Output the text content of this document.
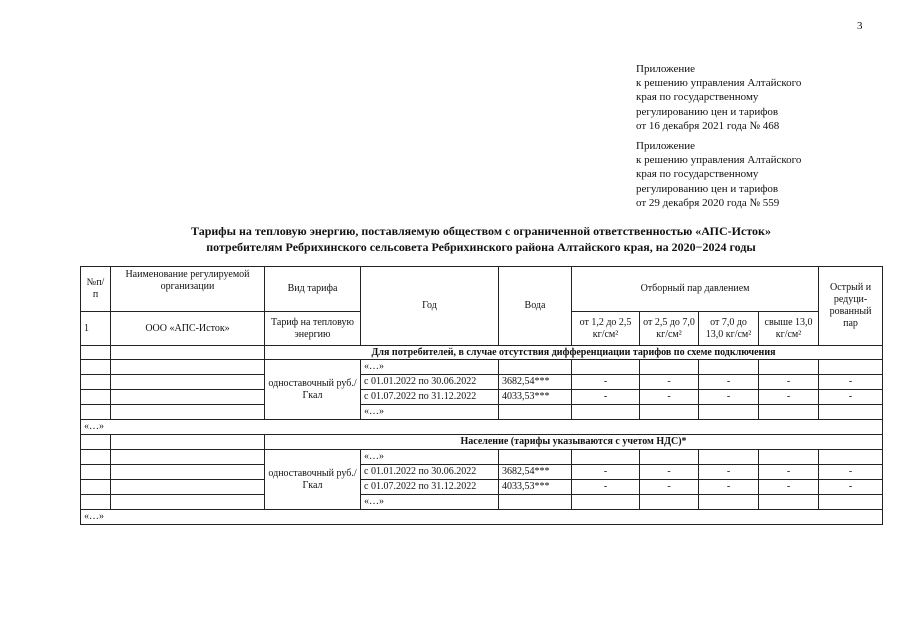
3
Приложение
к решению управления Алтайского
края по государственному
регулированию цен и тарифов
от 16 декабря 2021 года № 468
Приложение
к решению управления Алтайского
края по государственному
регулированию цен и тарифов
от 29 декабря 2020 года № 559
Тарифы на тепловую энергию, поставляемую обществом с ограниченной ответственностью «АПС-Исток»
потребителям Ребрихинского сельсовета Ребрихинского района Алтайского края, на 2020−2024 годы
№п/п	Наименование регулируемой организации	Вид тарифа	Год	Вода	Отборный пар давлением				Острый и редуци-рованный пар
1	ООО «АПС-Исток»	Тариф на тепловую энергию			от 1,2 до 2,5 кг/см²	от 2,5 до 7,0 кг/см²	от 7,0 до 13,0 кг/см²	свыше 13,0 кг/см²	
		Для потребителей, в случае отсутствия дифференциации тарифов по схеме подключения							
		одноставочный руб./Гкал	«…»						
			с 01.01.2022 по 30.06.2022	3682,54***	-	-	-	-	-
			с 01.07.2022 по 31.12.2022	4033,53***	-	-	-	-	-
			«…»						
«…»									
		Население (тарифы указываются с учетом НДС)*							
		одноставочный руб./Гкал	«…»						
			с 01.01.2022 по 30.06.2022	3682,54***	-	-	-	-	-
			с 01.07.2022 по 31.12.2022	4033,53***	-	-	-	-	-
			«…»						
«…»									
